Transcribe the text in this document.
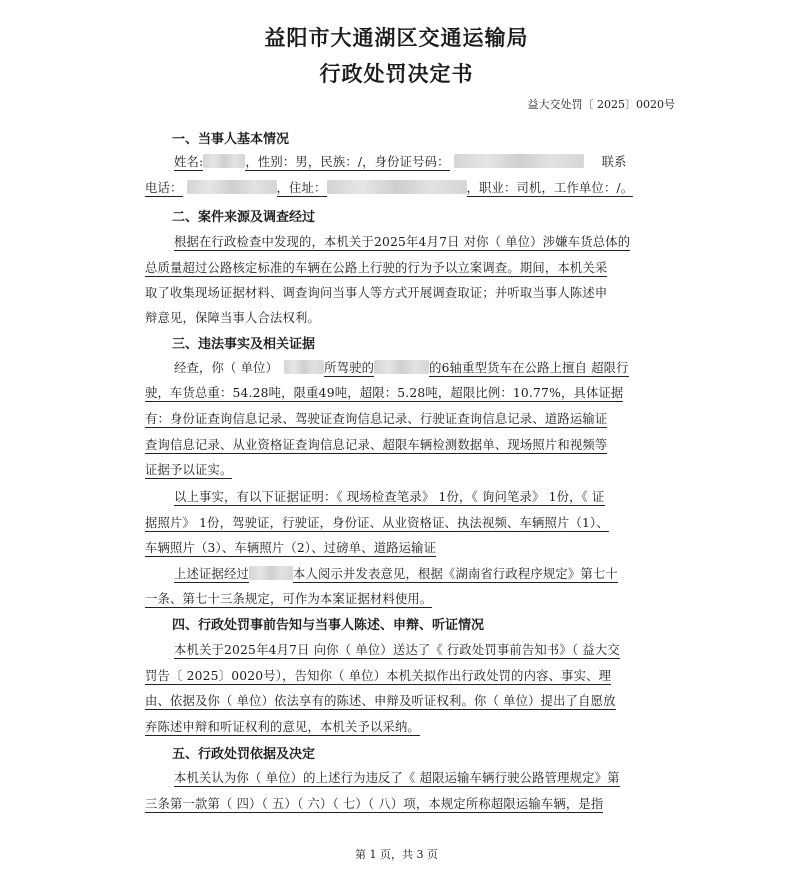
益阳市大通湖区交通运输局
行政处罚决定书
益大交处罚〔 2025〕0020号
一、当事人基本情况
姓名:	，性别：男，民族：/，身份证号码：	联系
电话：	，住址：	，职业：司机，工作单位：/。
二、案件来源及调查经过
根据在行政检查中发现的，本机关于2025年4月7日 对你（ 单位）涉嫌车货总体的
总质量超过公路核定标准的车辆在公路上行驶的行为予以立案调查。期间，本机关采
取了收集现场证据材料、调查询问当事人等方式开展调查取证；并听取当事人陈述申
辩意见，保障当事人合法权利。
三、违法事实及相关证据
经查，你（ 单位）	所驾驶的	的6轴重型货车在公路上擅自 超限行
驶，车货总重：54.28吨，限重49吨，超限：5.28吨，超限比例：10.77%，具体证据
有：身份证查询信息记录、驾驶证查询信息记录、行驶证查询信息记录、道路运输证
查询信息记录、从业资格证查询信息记录、超限车辆检测数据单、现场照片和视频等
证据予以证实。
以上事实，有以下证据证明：《 现场检查笔录》 1份，《 询问笔录》 1份，《 证
据照片》 1份，驾驶证，行驶证，身份证、从业资格证、执法视频、车辆照片（1）、
车辆照片（3）、车辆照片（2）、过磅单、道路运输证
上述证据经过	本人阅示并发表意见，根据《湖南省行政程序规定》第七十
一条、第七十三条规定，可作为本案证据材料使用。
四、行政处罚事前告知与当事人陈述、申辩、听证情况
本机关于2025年4月7日 向你（ 单位）送达了《 行政处罚事前告知书》（ 益大交
罚告〔 2025〕0020号），告知你（ 单位）本机关拟作出行政处罚的内容、事实、理
由、依据及你（ 单位）依法享有的陈述、申辩及听证权利。你（ 单位）提出了自愿放
弃陈述申辩和听证权利的意见，本机关予以采纳。
五、行政处罚依据及决定
本机关认为你（ 单位）的上述行为违反了《 超限运输车辆行驶公路管理规定》第
三条第一款第（ 四）（ 五）（ 六）（ 七）（ 八）项，本规定所称超限运输车辆，是指
第 1 页，共 3 页
